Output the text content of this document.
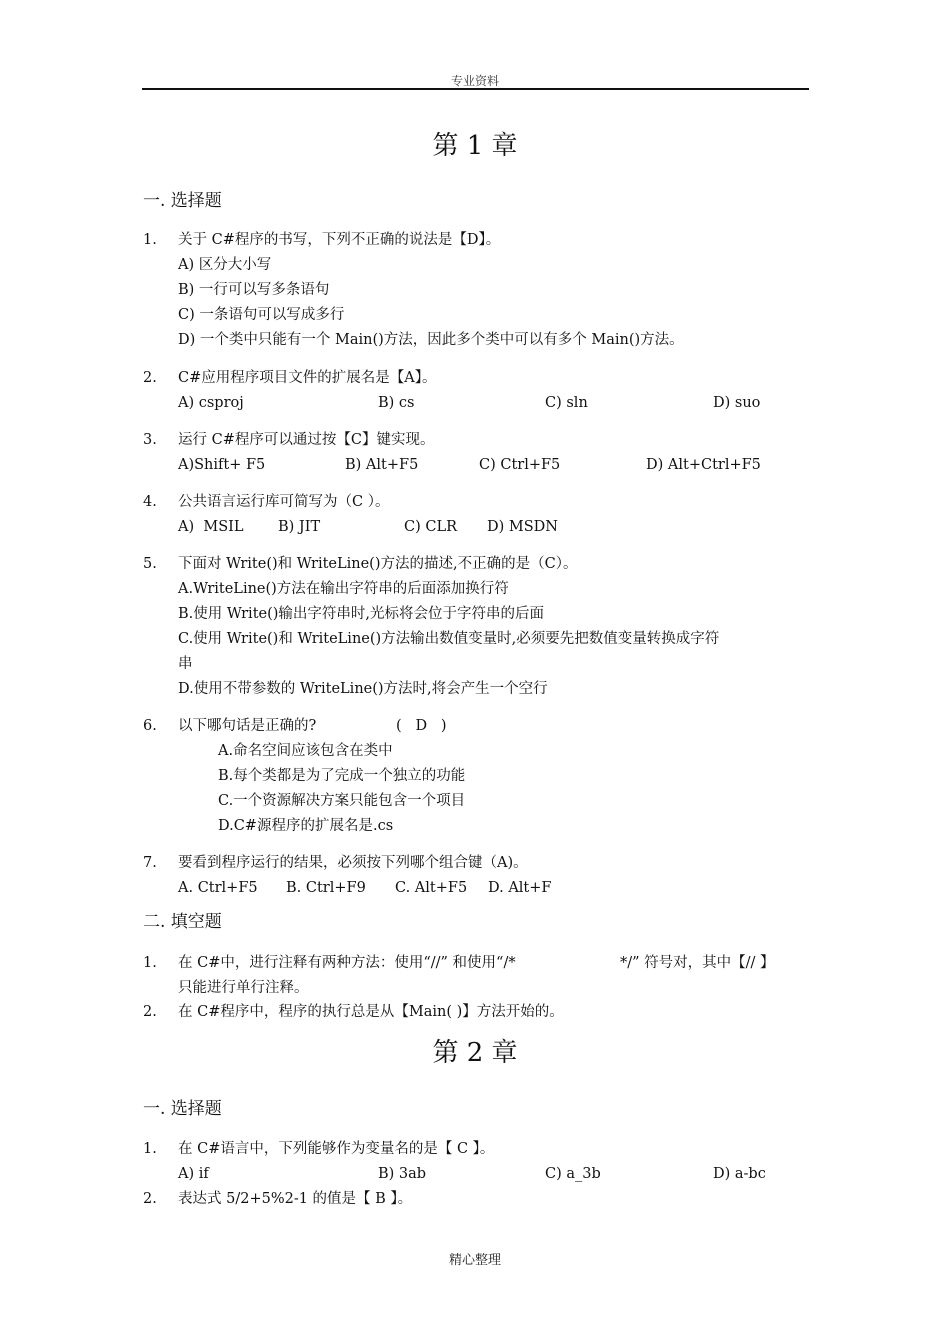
专业资料
第 1 章
一. 选择题
1. 关于 C#程序的书写，下列不正确的说法是【D】。
A) 区分大小写
B) 一行可以写多条语句
C) 一条语句可以写成多行
D) 一个类中只能有一个 Main()方法，因此多个类中可以有多个 Main()方法。
2. C#应用程序项目文件的扩展名是【A】。
A) csproj	B) cs	C) sln	D) suo
3. 运行 C#程序可以通过按【C】键实现。
A)Shift+ F5	B) Alt+F5	C) Ctrl+F5	D) Alt+Ctrl+F5
4. 公共语言运行库可简写为（C ）。
A)  MSIL B) JIT	C) CLR D) MSDN
5. 下面对 Write()和 WriteLine()方法的描述,不正确的是（C）。
A.WriteLine()方法在输出字符串的后面添加换行符
B.使用 Write()输出字符串时,光标将会位于字符串的后面
C.使用 Write()和 WriteLine()方法输出数值变量时,必须要先把数值变量转换成字符
串
D.使用不带参数的 WriteLine()方法时,将会产生一个空行
6. 以下哪句话是正确的?	(   D   )
A.命名空间应该包含在类中
B.每个类都是为了完成一个独立的功能
C.一个资源解决方案只能包含一个项目
D.C#源程序的扩展名是.cs
7. 要看到程序运行的结果，必须按下列哪个组合键（A)。
A. Ctrl+F5 B. Ctrl+F9 C. Alt+F5 D. Alt+F
二. 填空题
1. 在 C#中，进行注释有两种方法：使用“//” 和使用“/*	*/” 符号对，其中【// 】
只能进行单行注释。
2. 在 C#程序中，程序的执行总是从【Main( )】方法开始的。
第 2 章
一. 选择题
1. 在 C#语言中，下列能够作为变量名的是【 C 】。
A) if	B) 3ab	C) a_3b	D) a-bc
2. 表达式 5/2+5%2-1 的值是【 B 】。
精心整理
